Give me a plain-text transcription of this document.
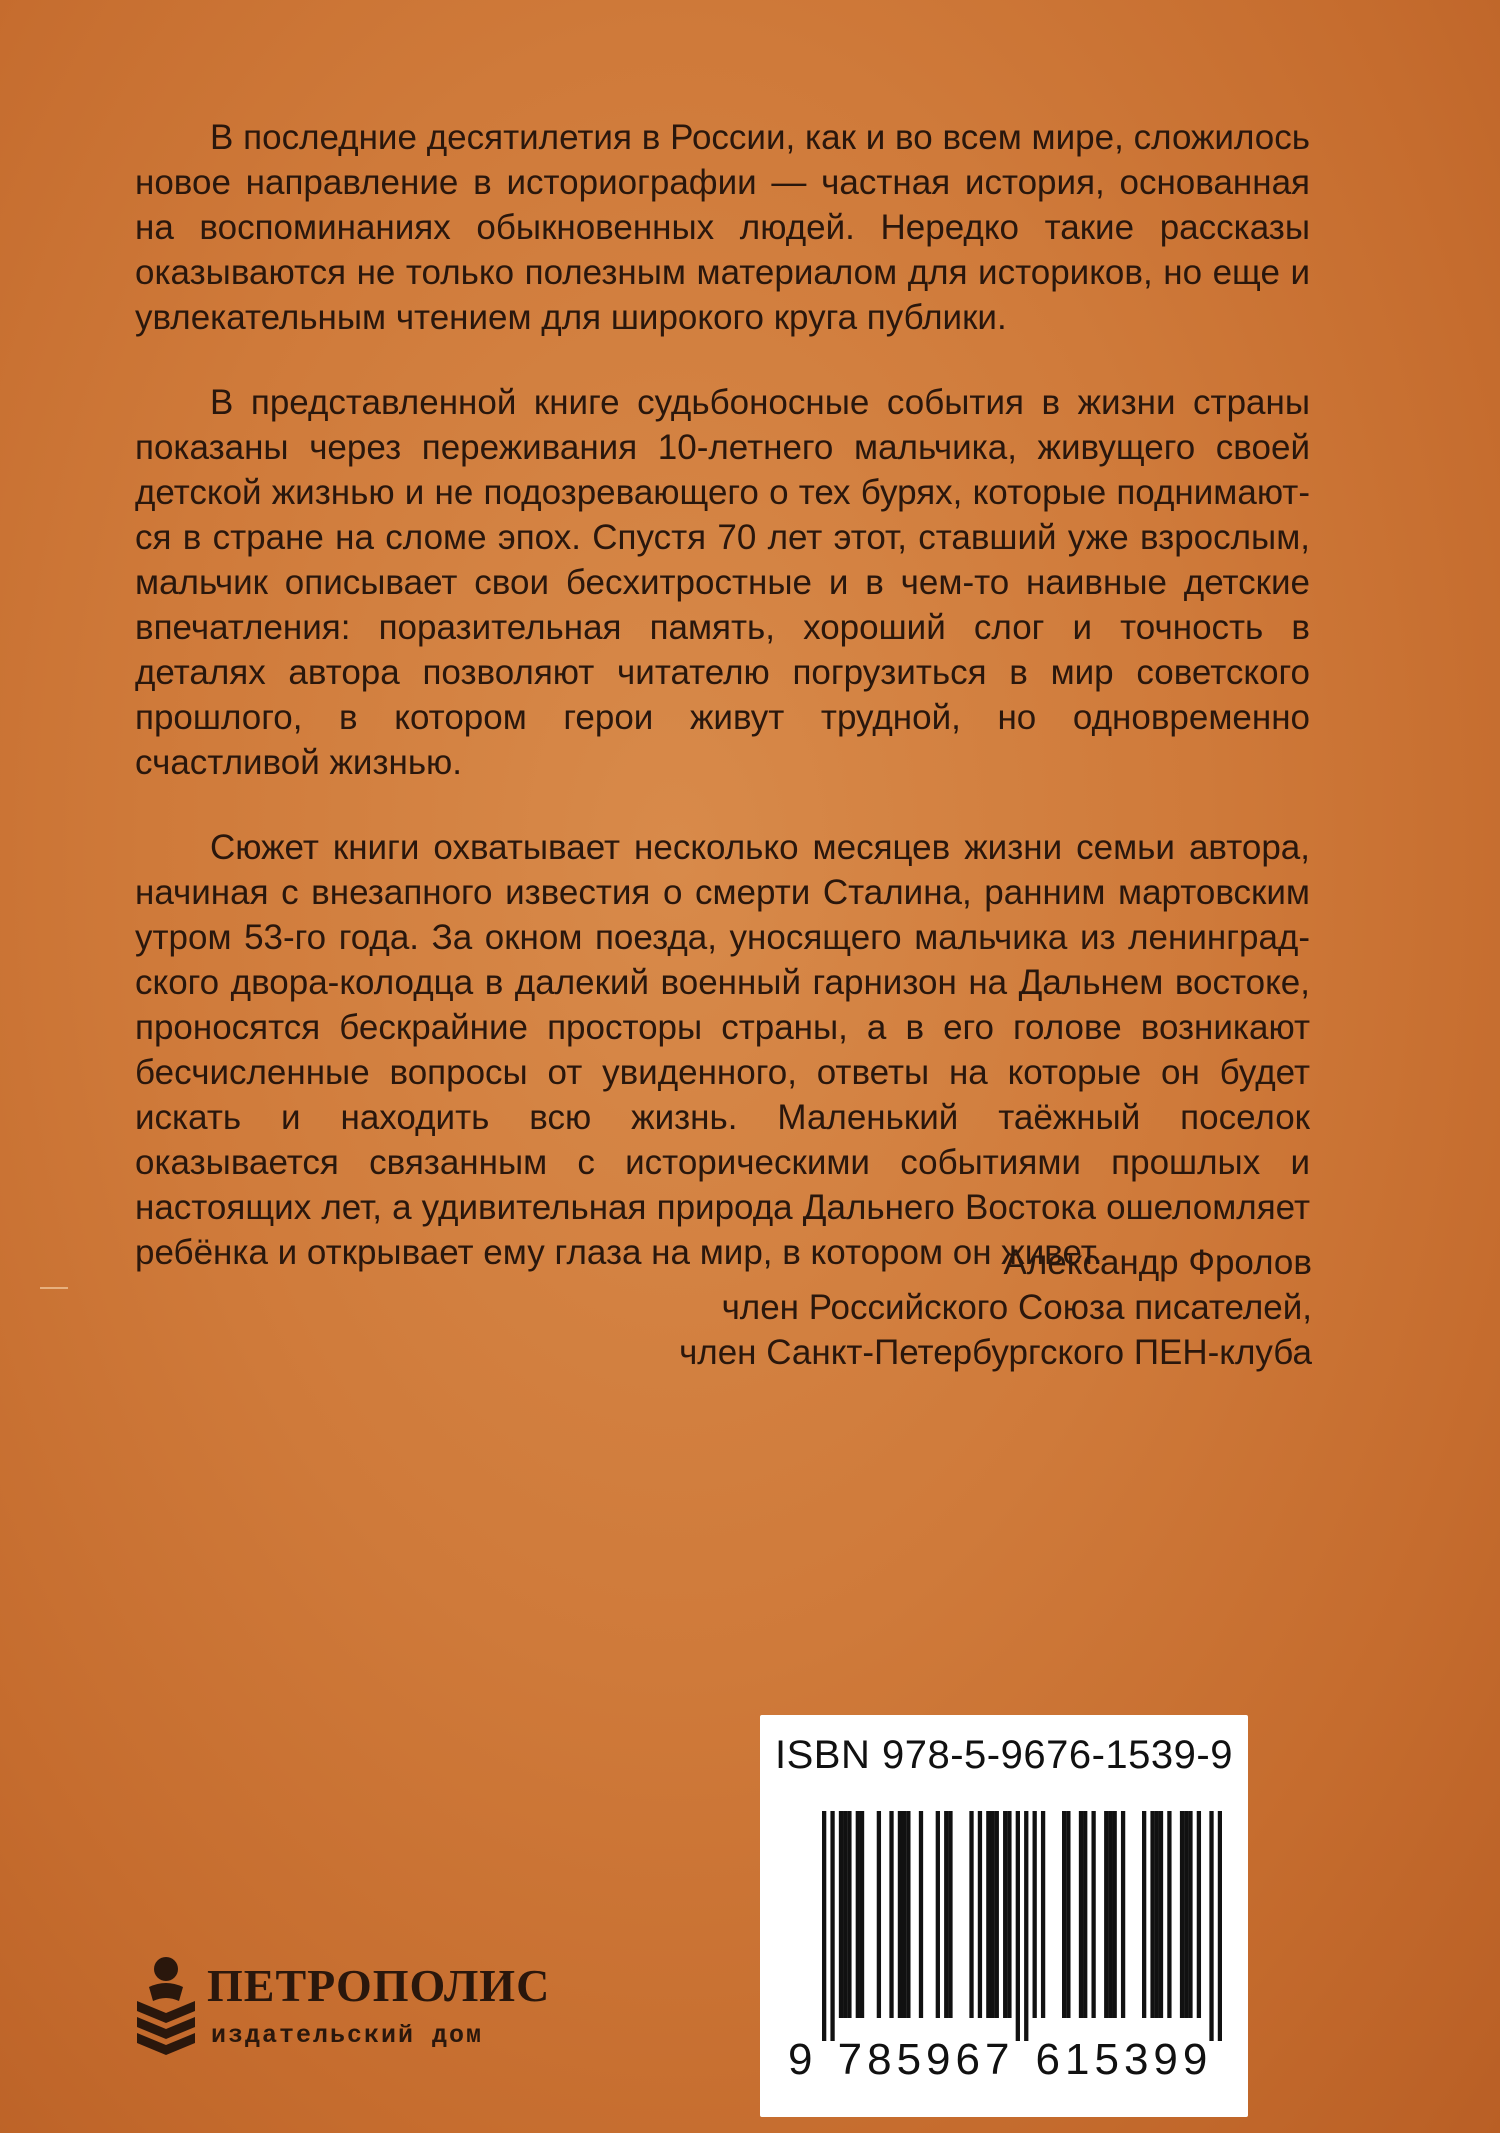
В последние десятилетия в России, как и во всем мире, сложилось новое направление в историографии — частная история, основанная на воспоминаниях обыкновенных людей. Нередко такие рассказы оказываются не только полезным материалом для историков, но еще и увлекательным чтением для широкого круга публики.

В представленной книге судьбоносные события в жизни страны показаны через переживания 10-летнего мальчика, живущего своей детской жизнью и не подозревающего о тех бурях, которые поднимаются в стране на сломе эпох. Спустя 70 лет этот, ставший уже взрослым, мальчик описывает свои бесхитростные и в чем-то наивные детские впечатления: поразительная память, хороший слог и точность в деталях автора позволяют читателю погрузиться в мир советского прошлого, в котором герои живут трудной, но одновременно счастливой жизнью.

Сюжет книги охватывает несколько месяцев жизни семьи автора, начиная с внезапного известия о смерти Сталина, ранним мартовским утром 53-го года. За окном поезда, уносящего мальчика из ленинградского двора-колодца в далекий военный гарнизон на Дальнем востоке, проносятся бескрайние просторы страны, а в его голове возникают бесчисленные вопросы от увиденного, ответы на которые он будет искать и находить всю жизнь. Маленький таёжный поселок оказывается связанным с историческими событиями прошлых и настоящих лет, а удивительная природа Дальнего Востока ошеломляет ребёнка и открывает ему глаза на мир, в котором он живет.

Александр Фролов
член Российского Союза писателей,
член Санкт-Петербургского ПЕН-клуба
ISBN 978-5-9676-1539-9
9 7 8 5 9 6 7 6 1 5 3 9 9
ПЕТРОПОЛИС
издательский дом
